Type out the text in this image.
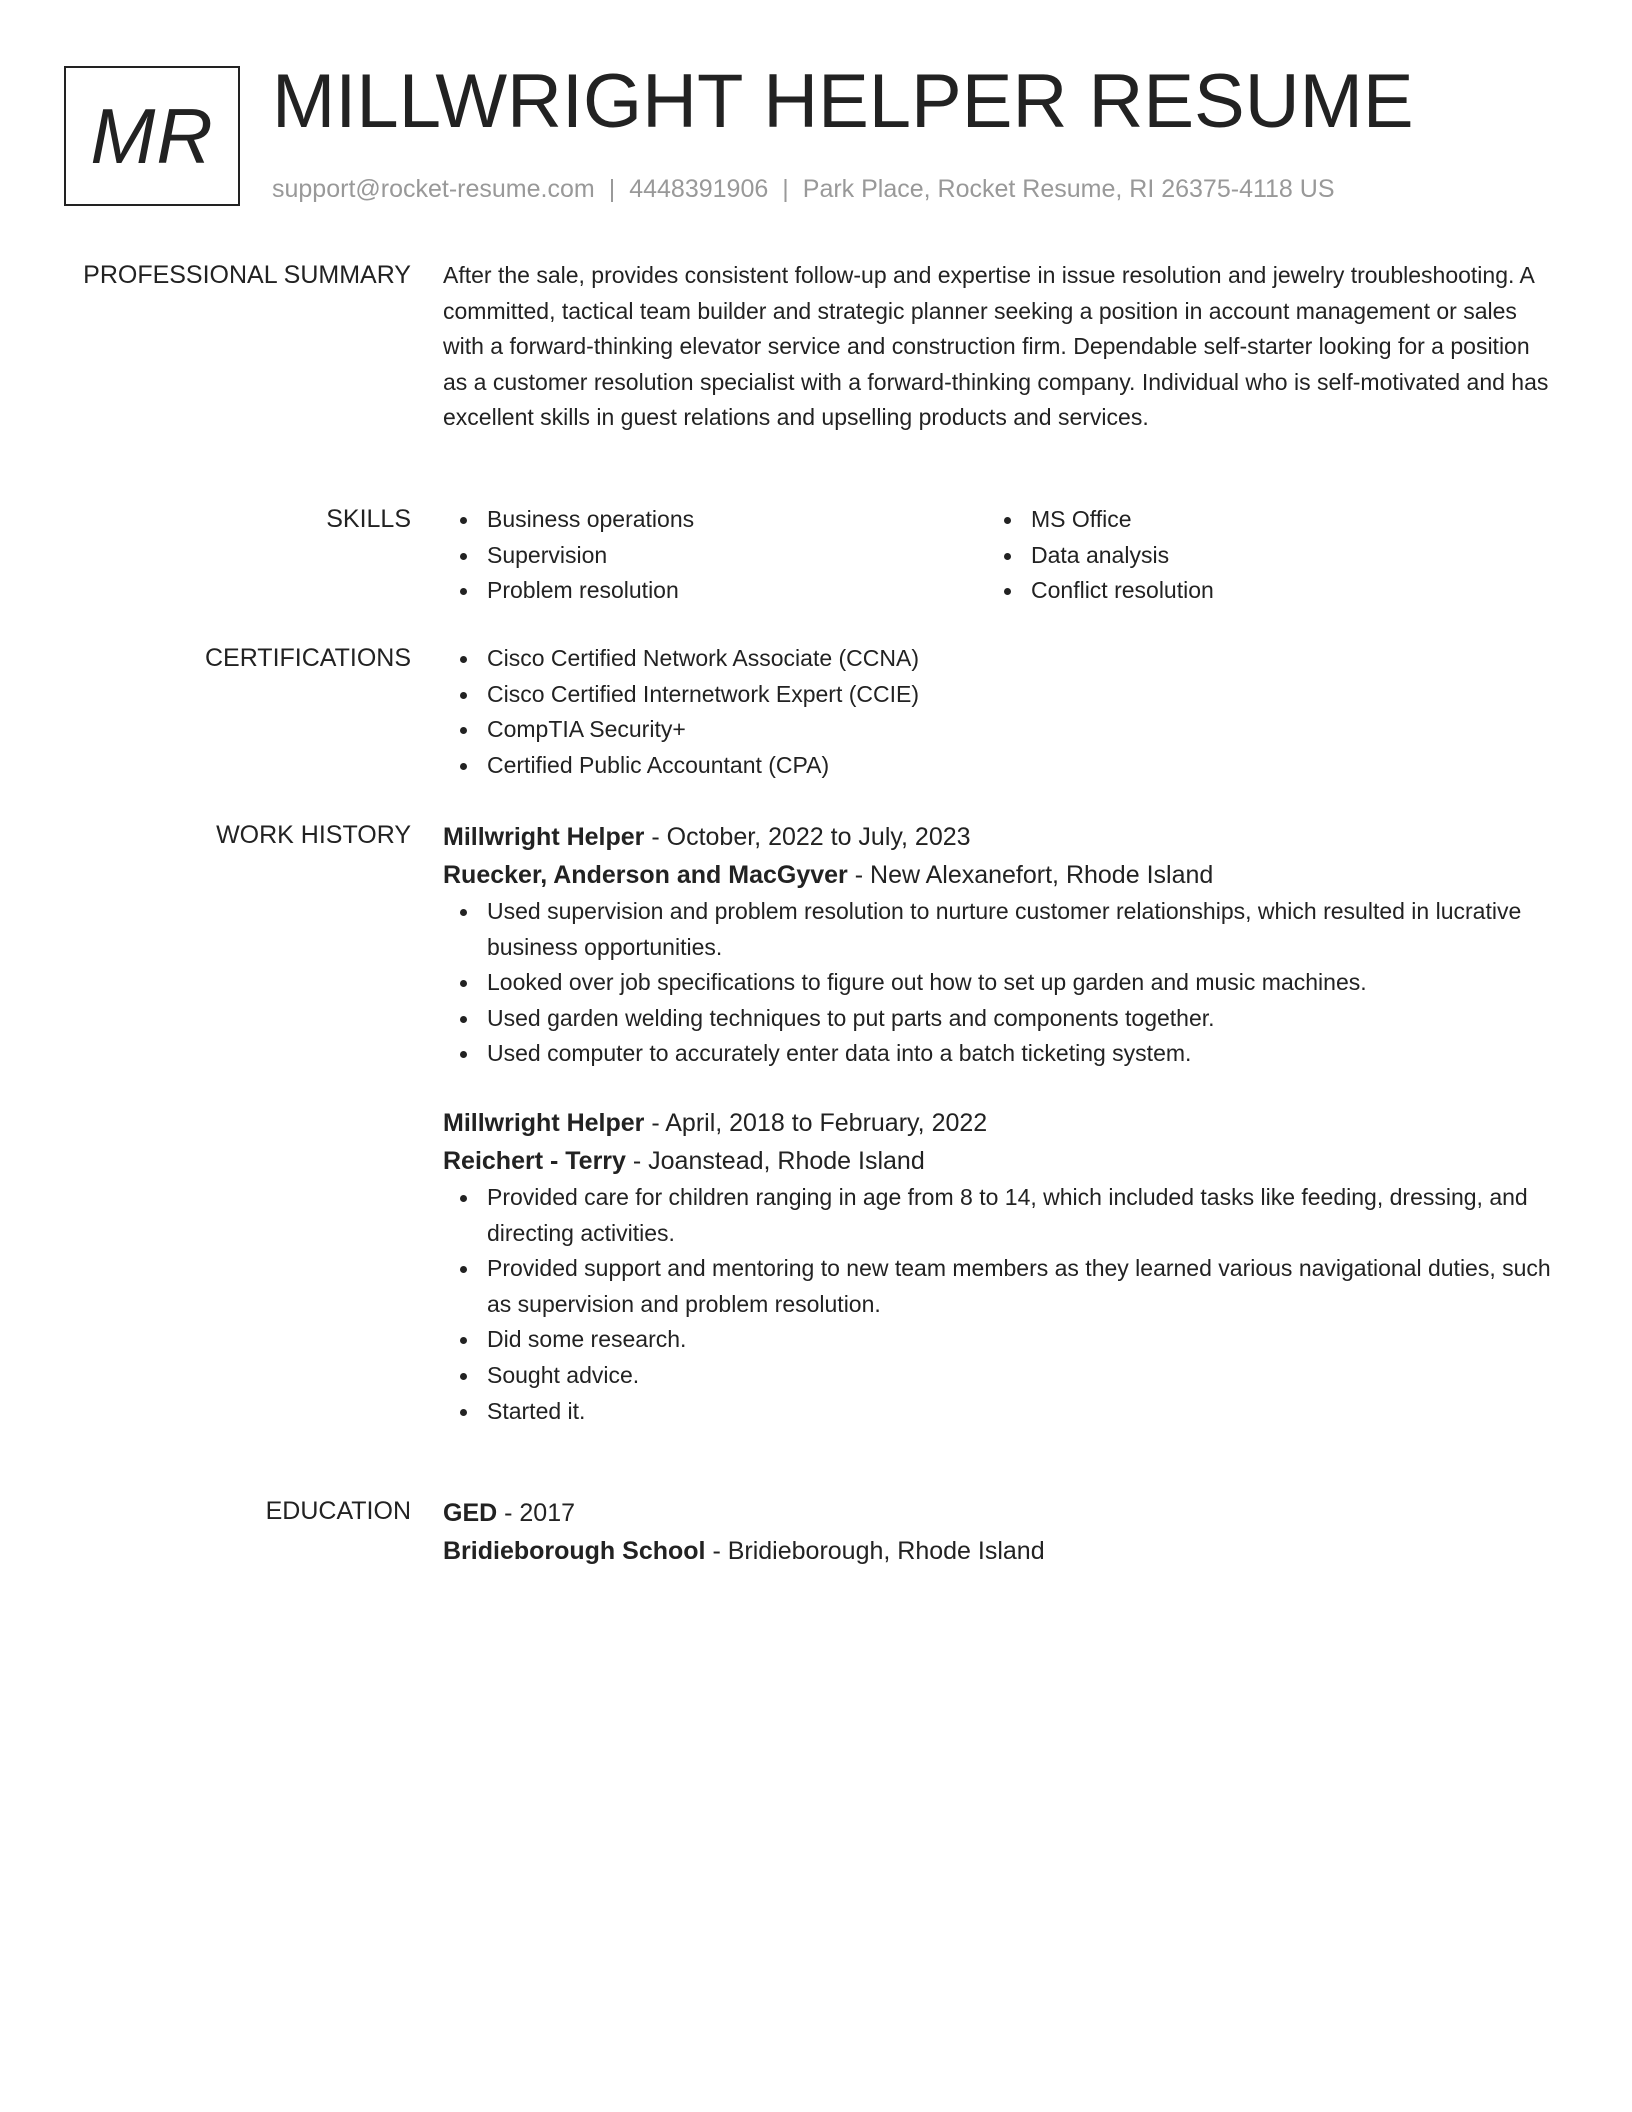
MR MILLWRIGHT HELPER RESUME
support@rocket-resume.com | 4448391906 | Park Place, Rocket Resume, RI 26375-4118 US
PROFESSIONAL SUMMARY After the sale, provides consistent follow-up and expertise in issue resolution and jewelry troubleshooting. A committed, tactical team builder and strategic planner seeking a position in account management or sales with a forward-thinking elevator service and construction firm. Dependable self-starter looking for a position as a customer resolution specialist with a forward-thinking company. Individual who is self-motivated and has excellent skills in guest relations and upselling products and services.

SKILLS	Business operations
Supervision
Problem resolution
MS Office
Data analysis
Conflict resolution
CERTIFICATIONS	Cisco Certified Network Associate (CCNA)
Cisco Certified Internetwork Expert (CCIE)
CompTIA Security+
Certified Public Accountant (CPA)
WORK HISTORY Millwright Helper - October, 2022 to July, 2023
Ruecker, Anderson and MacGyver - New Alexanefort, Rhode Island
Used supervision and problem resolution to nurture customer relationships, which resulted in lucrative business opportunities.
Looked over job specifications to figure out how to set up garden and music machines.
Used garden welding techniques to put parts and components together.
Used computer to accurately enter data into a batch ticketing system.
Millwright Helper - April, 2018 to February, 2022
Reichert - Terry - Joanstead, Rhode Island
Provided care for children ranging in age from 8 to 14, which included tasks like feeding, dressing, and directing activities.
Provided support and mentoring to new team members as they learned various navigational duties, such as supervision and problem resolution.
Did some research.
Sought advice.
Started it.
EDUCATION GED - 2017
Bridieborough School - Bridieborough, Rhode Island
